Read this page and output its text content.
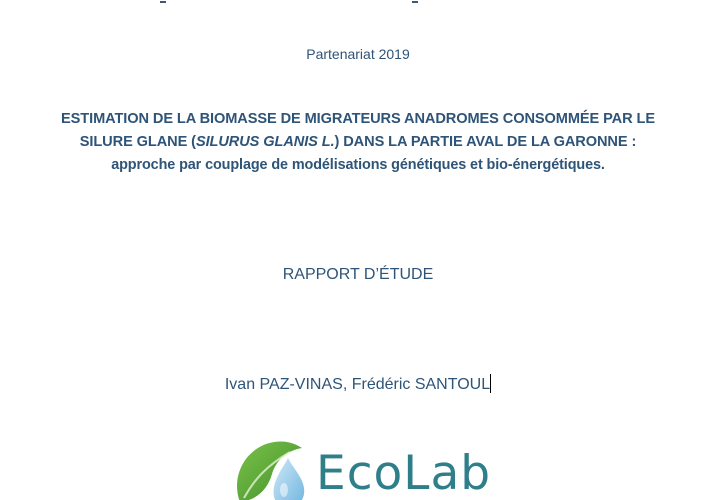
Partenariat 2019
ESTIMATION DE LA BIOMASSE DE MIGRATEURS ANADROMES CONSOMMÉE PAR LE
SILURE GLANE (SILURUS GLANIS L.) DANS LA PARTIE AVAL DE LA GARONNE :
approche par couplage de modélisations génétiques et bio-énergétiques.
RAPPORT D’ÉTUDE
Ivan PAZ-VINAS, Frédéric SANTOUL
EcoLab
